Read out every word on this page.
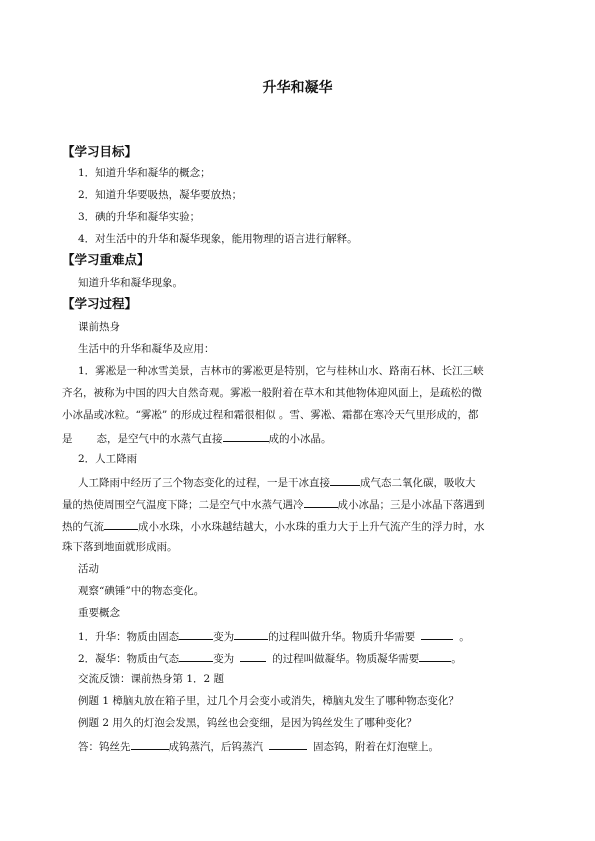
升华和凝华
【学习目标】
1．知道升华和凝华的概念；
2．知道升华要吸热，凝华要放热；
3．碘的升华和凝华实验；
4．对生活中的升华和凝华现象，能用物理的语言进行解释。
【学习重难点】
知道升华和凝华现象。
【学习过程】
课前热身
生活中的升华和凝华及应用：
1．雾凇是一种冰雪美景，吉林市的雾凇更是特别，它与桂林山水、路南石林、长江三峡
齐名，被称为中国的四大自然奇观。雾凇一般附着在草木和其他物体迎风面上，是疏松的微
小冰晶或冰粒。“雾凇” 的形成过程和霜很相似 。雪、雾凇、霜都在寒冷天气里形成的，都
是 态，是空气中的水蒸气直接	成的小冰晶。
2．人工降雨
人工降雨中经历了三个物态变化的过程，一是干冰直接	成气态二氧化碳，吸收大
量的热使周围空气温度下降；二是空气中水蒸气遇冷	成小冰晶；三是小冰晶下落遇到
热的气流	成小水珠，小水珠越结越大，小水珠的重力大于上升气流产生的浮力时，水
珠下落到地面就形成雨。
活动
观察“碘锤”中的物态变化。
重要概念
1．升华：物质由固态	变为	的过程叫做升华。物质升华需要	。
2．凝华：物质由气态	变为	的过程叫做凝华。物质凝华需要	。
交流反馈：课前热身第 1．2 题
例题 1 樟脑丸放在箱子里，过几个月会变小或消失，樟脑丸发生了哪种物态变化？
例题 2 用久的灯泡会发黑，钨丝也会变细，是因为钨丝发生了哪种变化？
答：钨丝先	成钨蒸汽，后钨蒸汽	固态钨，附着在灯泡壁上。
